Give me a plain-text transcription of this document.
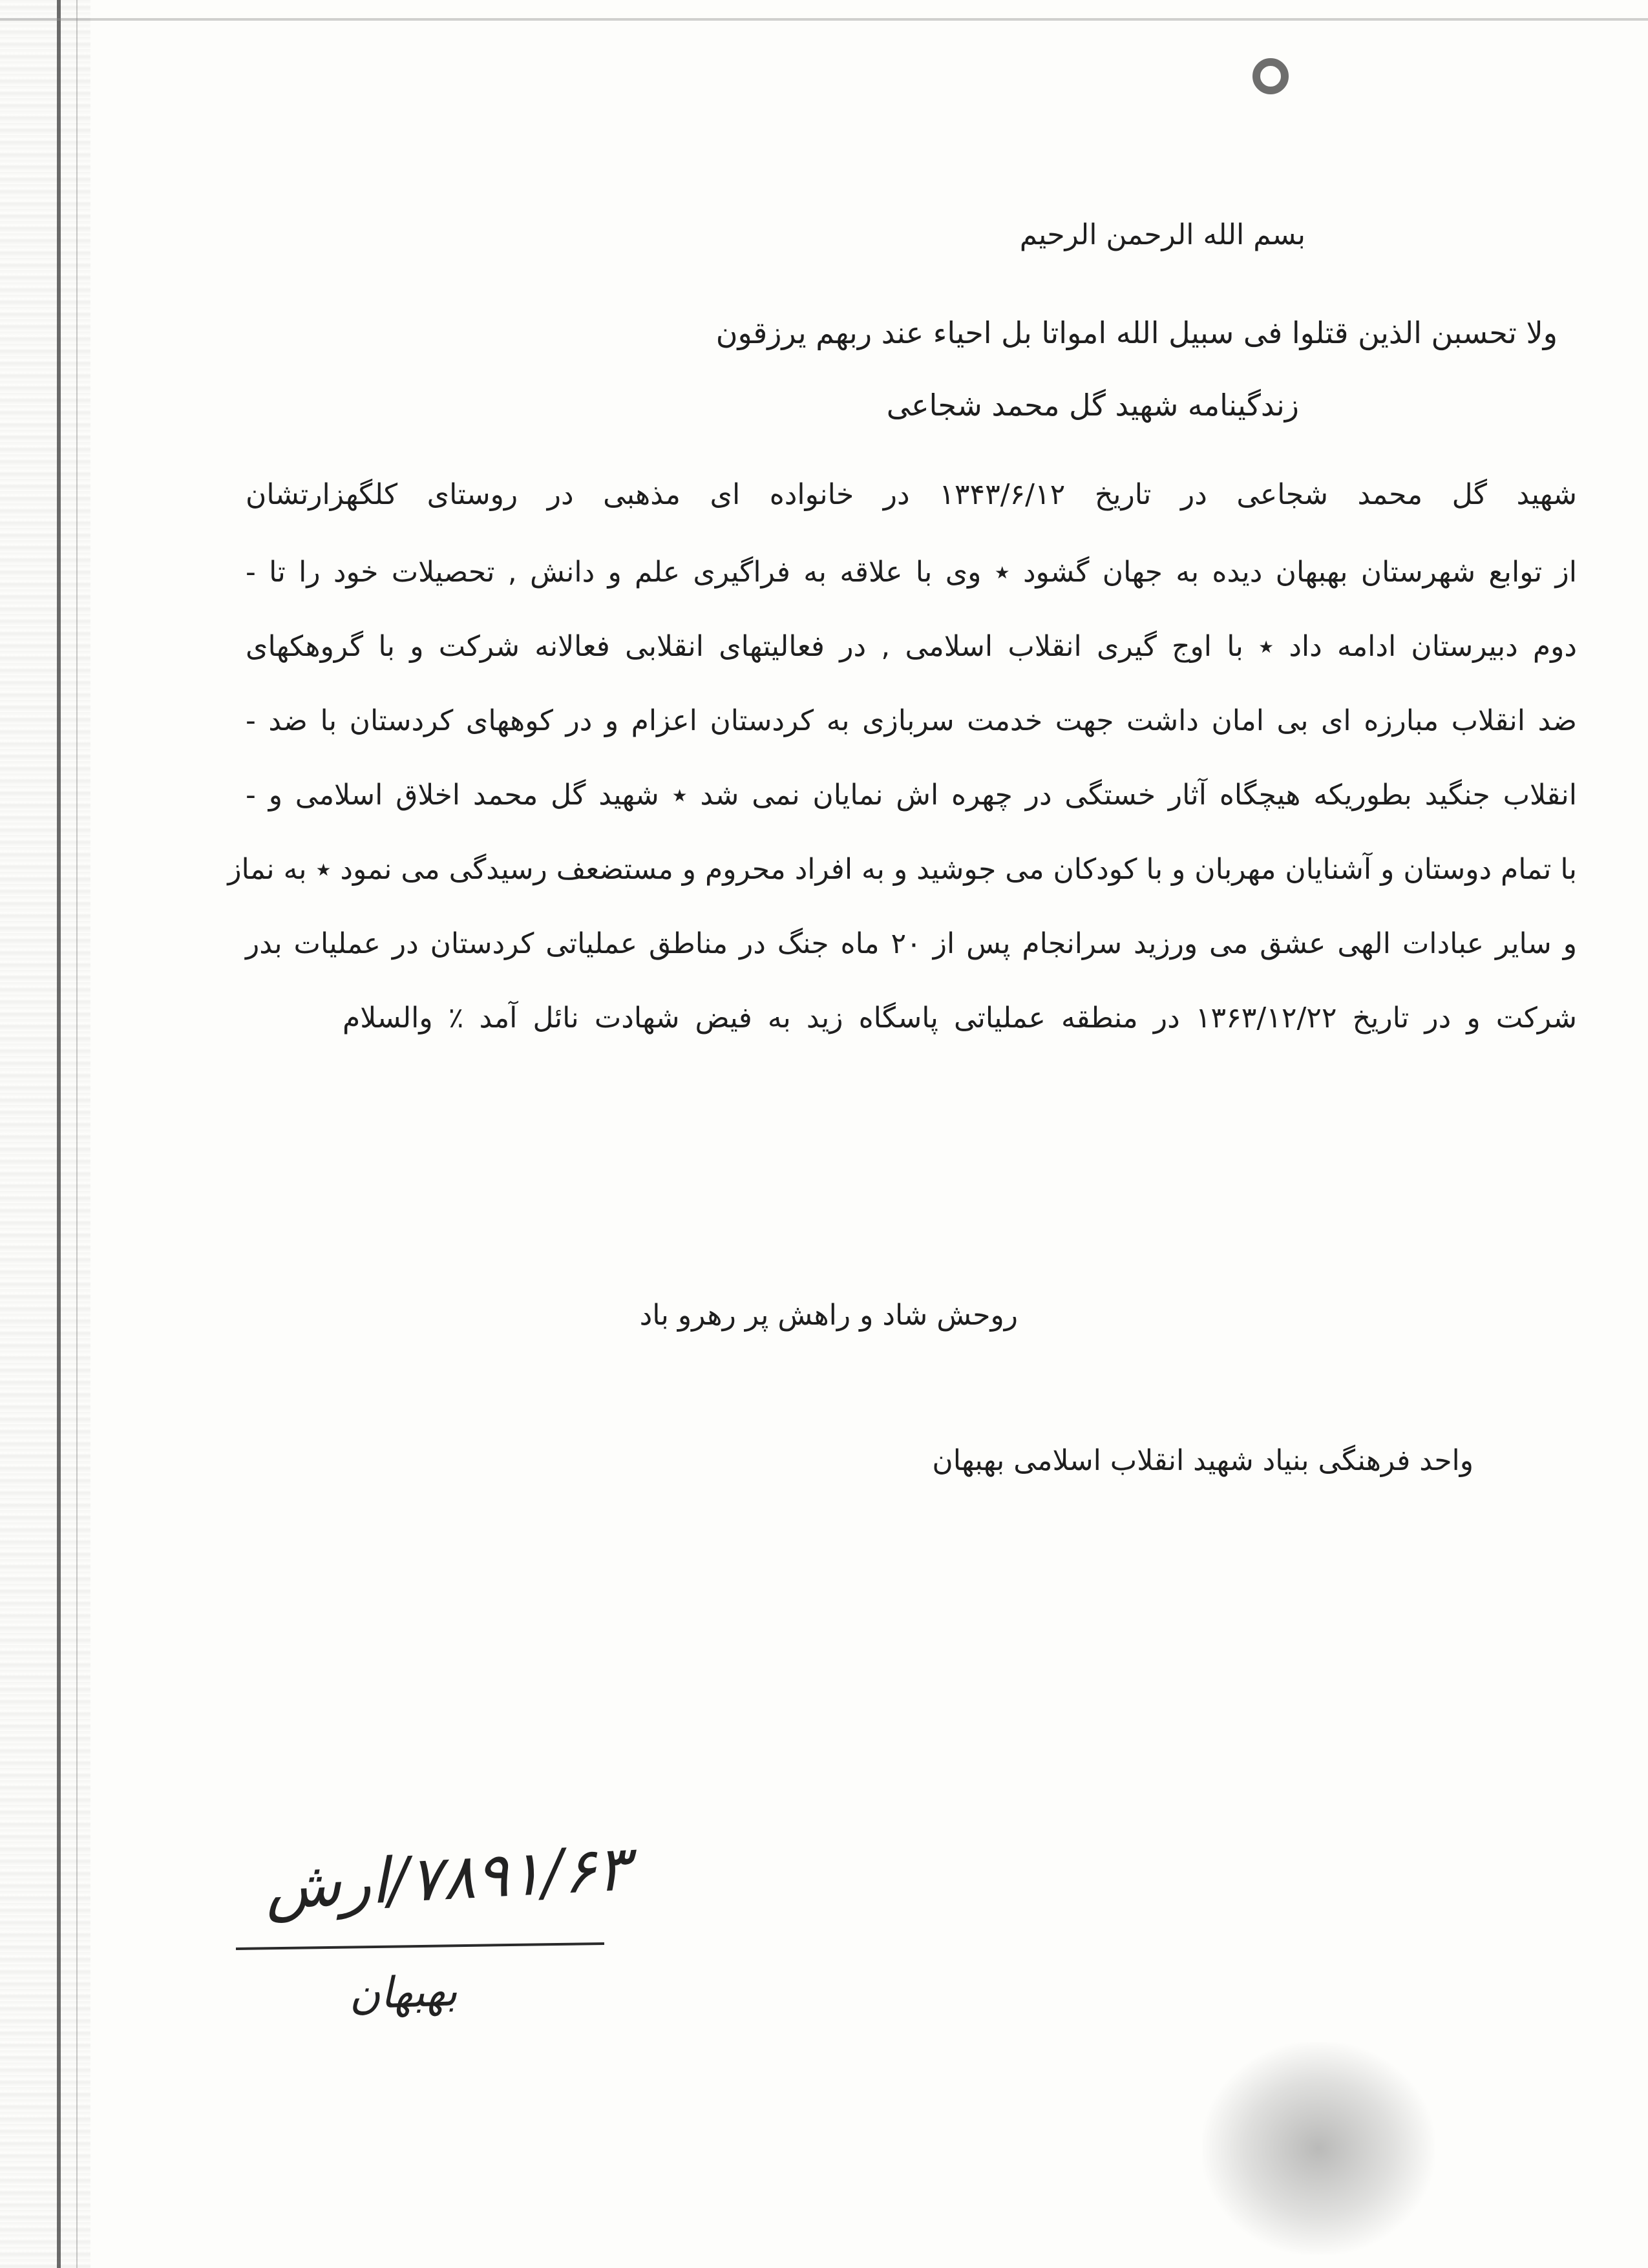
بسم الله الرحمن الرحیم
ولا تحسبن الذین قتلوا فی سبیل الله امواتا بل احیاء عند ربهم یرزقون
زندگینامه شهید گل محمد شجاعی
شهید گل محمد شجاعی در تاریخ ۱۳۴۳/۶/۱۲ در خانواده ای مذهبی در روستای کلگهزارتشان
از توابع شهرستان بهبهان دیده به جهان گشود ٭ وی با علاقه به فراگیری علم و دانش , تحصیلات خود را تا -
دوم دبیرستان ادامه داد ٭ با اوج گیری انقلاب اسلامی , در فعالیتهای انقلابی فعالانه شرکت و با گروهکهای
ضد انقلاب مبارزه ای بی امان داشت جهت خدمت سربازی به کردستان اعزام و در کوههای کردستان با ضد -
انقلاب جنگید بطوریکه هیچگاه آثار خستگی در چهره اش نمایان نمی شد ٭ شهید گل محمد اخلاق اسلامی و -
با تمام دوستان و آشنایان مهربان و با کودکان می جوشید و به افراد محروم و مستضعف رسیدگی می نمود ٭ به نماز
و سایر عبادات الهی عشق می ورزید سرانجام پس از ۲۰ ماه جنگ در مناطق عملیاتی کردستان در عملیات بدر
شرکت و در تاریخ ۱۳۶۳/۱۲/۲۲ در منطقه عملیاتی پاسگاه زید به فیض شهادت نائل آمد ٪ والسلام
روحش شاد و راهش پر رهرو باد
واحد فرهنگی بنیاد شهید انقلاب اسلامی بهبهان
۷۸۹۱/۶۳/ارش
بهبهان
